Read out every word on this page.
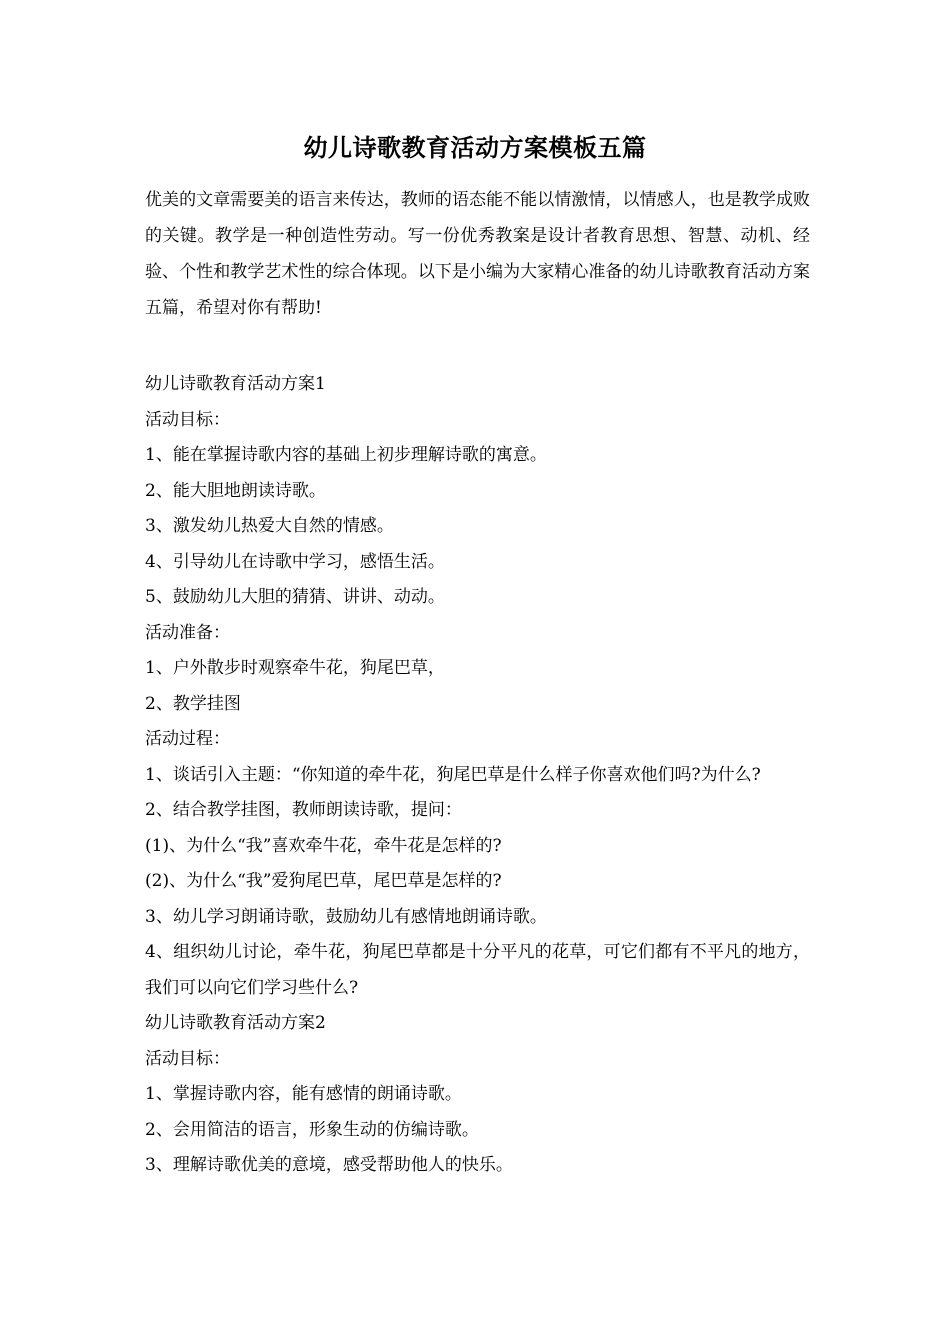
幼儿诗歌教育活动方案模板五篇

优美的文章需要美的语言来传达，教师的语态能不能以情激情，以情感人，也是教学成败的关键。教学是一种创造性劳动。写一份优秀教案是设计者教育思想、智慧、动机、经验、个性和教学艺术性的综合体现。以下是小编为大家精心准备的幼儿诗歌教育活动方案五篇，希望对你有帮助!

幼儿诗歌教育活动方案1
活动目标：
1、能在掌握诗歌内容的基础上初步理解诗歌的寓意。
2、能大胆地朗读诗歌。
3、激发幼儿热爱大自然的情感。
4、引导幼儿在诗歌中学习，感悟生活。
5、鼓励幼儿大胆的猜猜、讲讲、动动。
活动准备：
1、户外散步时观察牵牛花，狗尾巴草，
2、教学挂图
活动过程：

1、谈话引入主题：“你知道的牵牛花，狗尾巴草是什么样子你喜欢他们吗?为什么?

2、结合教学挂图，教师朗读诗歌，提问：
(1)、为什么“我”喜欢牵牛花，牵牛花是怎样的?
(2)、为什么“我”爱狗尾巴草，尾巴草是怎样的?
3、幼儿学习朗诵诗歌，鼓励幼儿有感情地朗诵诗歌。

4、组织幼儿讨论，牵牛花，狗尾巴草都是十分平凡的花草，可它们都有不平凡的地方，我们可以向它们学习些什么?

幼儿诗歌教育活动方案2
活动目标：
1、掌握诗歌内容，能有感情的朗诵诗歌。
2、会用简洁的语言，形象生动的仿编诗歌。
3、理解诗歌优美的意境，感受帮助他人的快乐。
